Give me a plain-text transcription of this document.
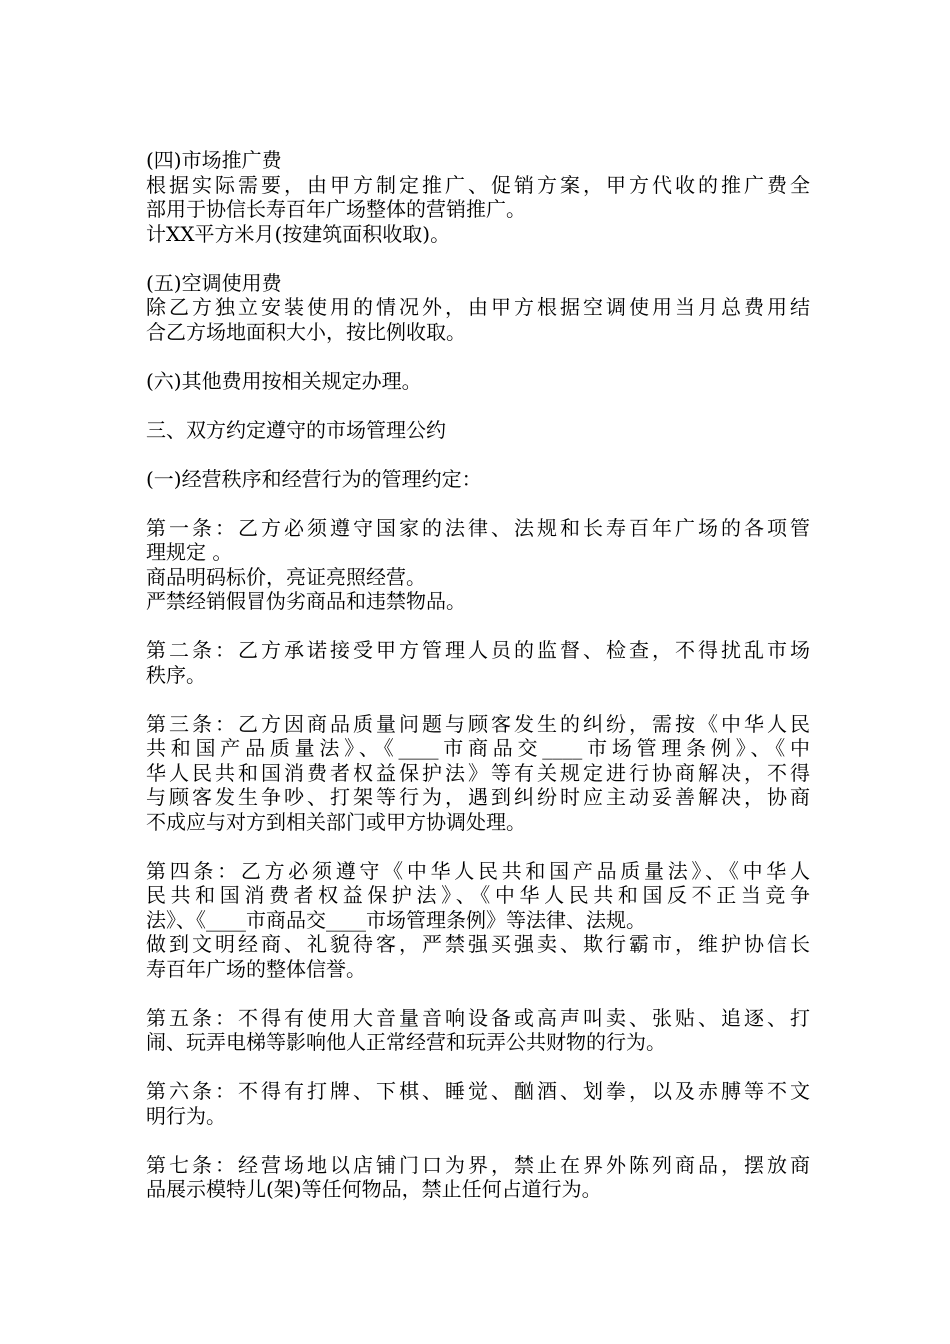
(四)市场推广费
根据实际需要，由甲方制定推广、促销方案，甲方代收的推广费全
部用于协信长寿百年广场整体的营销推广。
计XX平方米月(按建筑面积收取)。
(五)空调使用费
除乙方独立安装使用的情况外，由甲方根据空调使用当月总费用结
合乙方场地面积大小，按比例收取。
(六)其他费用按相关规定办理。
三、双方约定遵守的市场管理公约
(一)经营秩序和经营行为的管理约定：
第一条：乙方必须遵守国家的法律、法规和长寿百年广场的各项管
理规定 。
商品明码标价，亮证亮照经营。
严禁经销假冒伪劣商品和违禁物品。
第二条：乙方承诺接受甲方管理人员的监督、检查，不得扰乱市场
秩序。
第三条：乙方因商品质量问题与顾客发生的纠纷，需按《中华人民
共和国产品质量法》、《____市商品交____市场管理条例》、《中
华人民共和国消费者权益保护法》等有关规定进行协商解决，不得
与顾客发生争吵、打架等行为，遇到纠纷时应主动妥善解决，协商
不成应与对方到相关部门或甲方协调处理。
第四条：乙方必须遵守《中华人民共和国产品质量法》、《中华人
民共和国消费者权益保护法》、《中华人民共和国反不正当竞争
法》、《____市商品交____市场管理条例》等法律、法规。
做到文明经商、礼貌待客，严禁强买强卖、欺行霸市，维护协信长
寿百年广场的整体信誉。
第五条：不得有使用大音量音响设备或高声叫卖、张贴、追逐、打
闹、玩弄电梯等影响他人正常经营和玩弄公共财物的行为。
第六条：不得有打牌、下棋、睡觉、酗酒、划拳，以及赤膊等不文
明行为。
第七条：经营场地以店铺门口为界，禁止在界外陈列商品，摆放商
品展示模特儿(架)等任何物品，禁止任何占道行为。
